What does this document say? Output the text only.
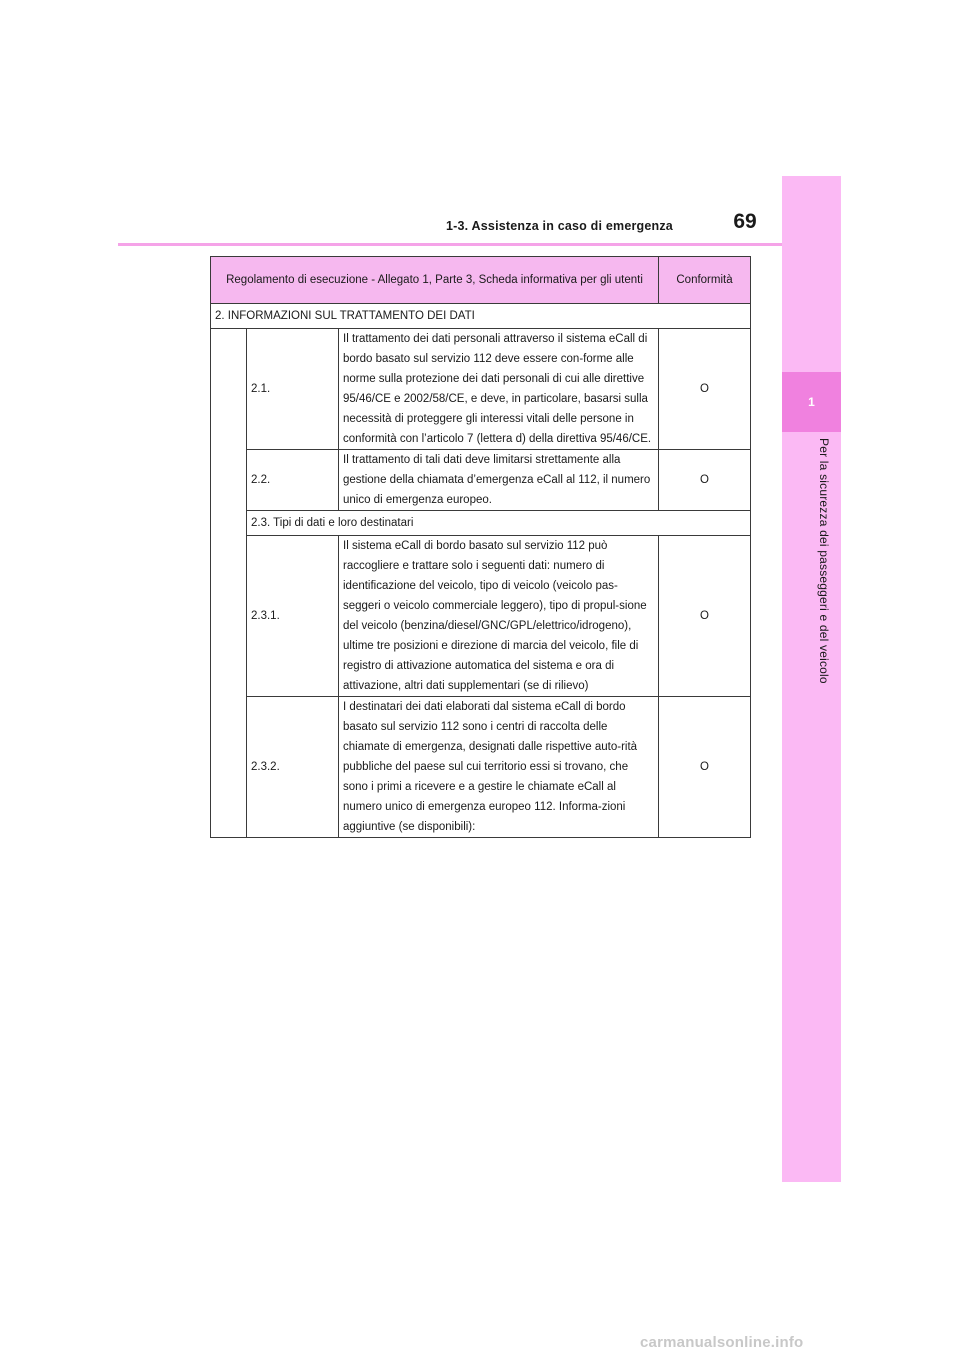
1
Per la sicurezza dei passeggeri e del veicolo
1-3. Assistenza in caso di emergenza	69
Regolamento di esecuzione - Allegato 1, Parte 3, Scheda informativa per gli utenti			Conformità
2. INFORMAZIONI SUL TRATTAMENTO DEI DATI			
	2.1.	Il trattamento dei dati personali attraverso il sistema eCall di bordo basato sul servizio 112 deve essere con-forme alle norme sulla protezione dei dati personali di cui alle direttive 95/46/CE e 2002/58/CE, e deve, in particolare, basarsi sulla necessità di proteggere gli interessi vitali delle persone in conformità con l’articolo 7 (lettera d) della direttiva 95/46/CE.	O
	2.2.	Il trattamento di tali dati deve limitarsi strettamente alla gestione della chiamata d’emergenza eCall al 112, il numero unico di emergenza europeo.	O
	2.3. Tipi di dati e loro destinatari		
	2.3.1.	Il sistema eCall di bordo basato sul servizio 112 può raccogliere e trattare solo i seguenti dati: numero di identificazione del veicolo, tipo di veicolo (veicolo pas-seggeri o veicolo commerciale leggero), tipo di propul-sione del veicolo (benzina/diesel/GNC/GPL/elettrico/idrogeno), ultime tre posizioni e direzione di marcia del veicolo, file di registro di attivazione automatica del sistema e ora di attivazione, altri dati supplementari (se di rilievo)	O
	2.3.2.	I destinatari dei dati elaborati dal sistema eCall di bordo basato sul servizio 112 sono i centri di raccolta delle chiamate di emergenza, designati dalle rispettive auto-rità pubbliche del paese sul cui territorio essi si trovano, che sono i primi a ricevere e a gestire le chiamate eCall al numero unico di emergenza europeo 112. Informa-zioni aggiuntive (se disponibili):	O
carmanualsonline.info
